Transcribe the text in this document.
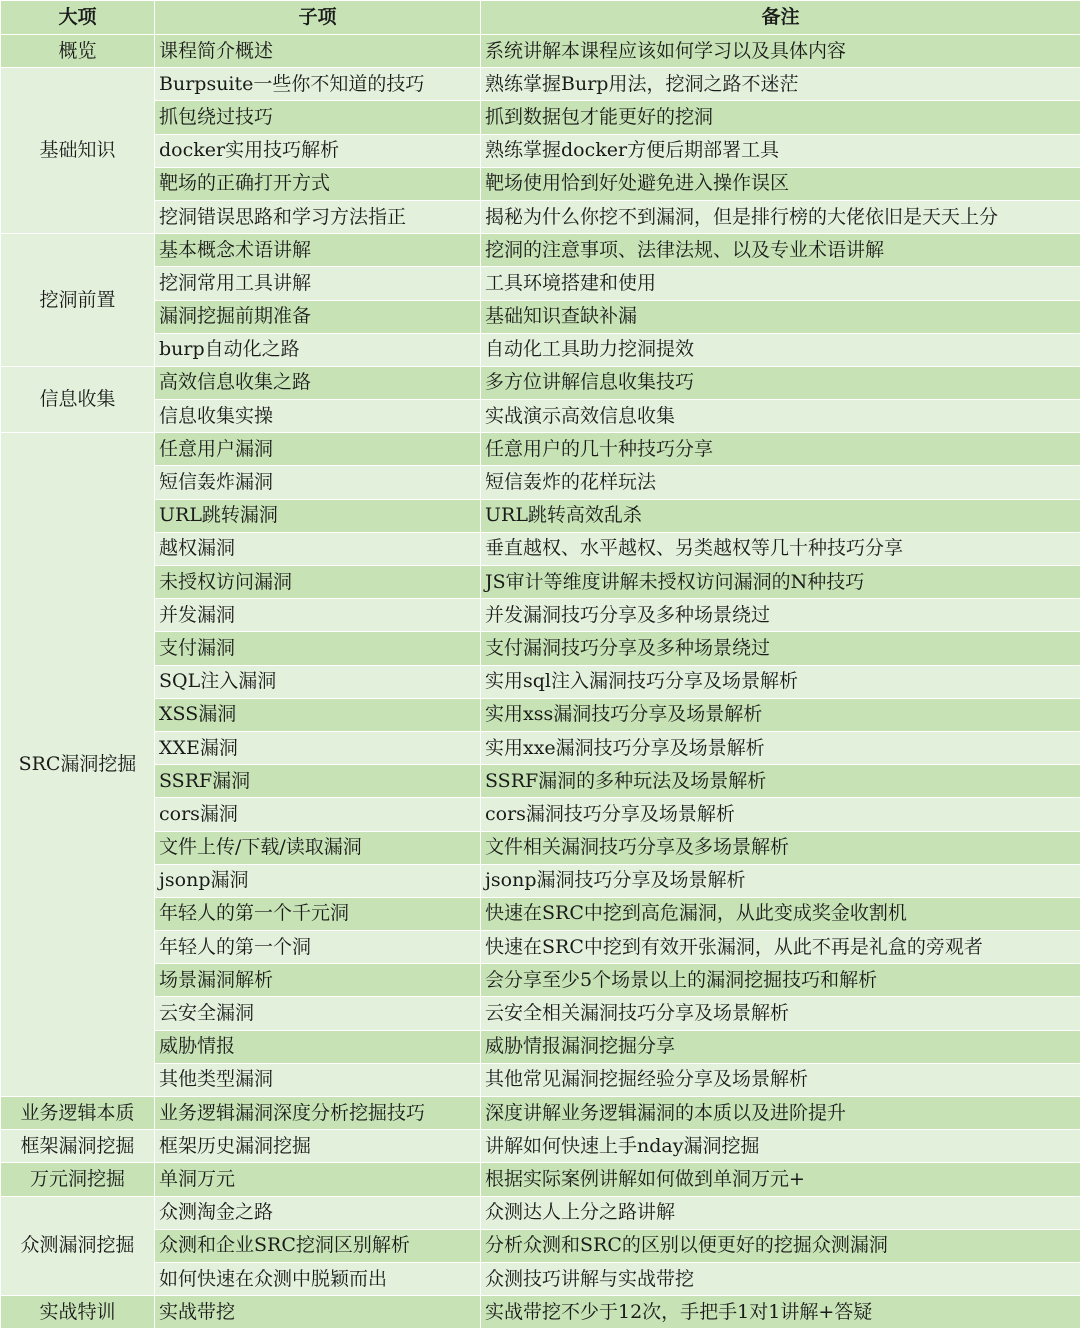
大项	子项	备注
概览	课程简介概述	系统讲解本课程应该如何学习以及具体内容
基础知识	Burpsuite一些你不知道的技巧	熟练掌握Burp用法，挖洞之路不迷茫
	抓包绕过技巧	抓到数据包才能更好的挖洞
	docker实用技巧解析	熟练掌握docker方便后期部署工具
	靶场的正确打开方式	靶场使用恰到好处避免进入操作误区
	挖洞错误思路和学习方法指正	揭秘为什么你挖不到漏洞，但是排行榜的大佬依旧是天天上分
挖洞前置	基本概念术语讲解	挖洞的注意事项、法律法规、以及专业术语讲解
	挖洞常用工具讲解	工具环境搭建和使用
	漏洞挖掘前期准备	基础知识查缺补漏
	burp自动化之路	自动化工具助力挖洞提效
信息收集	高效信息收集之路	多方位讲解信息收集技巧
	信息收集实操	实战演示高效信息收集
SRC漏洞挖掘	任意用户漏洞	任意用户的几十种技巧分享
	短信轰炸漏洞	短信轰炸的花样玩法
	URL跳转漏洞	URL跳转高效乱杀
	越权漏洞	垂直越权、水平越权、另类越权等几十种技巧分享
	未授权访问漏洞	JS审计等维度讲解未授权访问漏洞的N种技巧
	并发漏洞	并发漏洞技巧分享及多种场景绕过
	支付漏洞	支付漏洞技巧分享及多种场景绕过
	SQL注入漏洞	实用sql注入漏洞技巧分享及场景解析
	XSS漏洞	实用xss漏洞技巧分享及场景解析
	XXE漏洞	实用xxe漏洞技巧分享及场景解析
	SSRF漏洞	SSRF漏洞的多种玩法及场景解析
	cors漏洞	cors漏洞技巧分享及场景解析
	文件上传/下载/读取漏洞	文件相关漏洞技巧分享及多场景解析
	jsonp漏洞	jsonp漏洞技巧分享及场景解析
	年轻人的第一个千元洞	快速在SRC中挖到高危漏洞，从此变成奖金收割机
	年轻人的第一个洞	快速在SRC中挖到有效开张漏洞，从此不再是礼盒的旁观者
	场景漏洞解析	会分享至少5个场景以上的漏洞挖掘技巧和解析
	云安全漏洞	云安全相关漏洞技巧分享及场景解析
	威胁情报	威胁情报漏洞挖掘分享
	其他类型漏洞	其他常见漏洞挖掘经验分享及场景解析
业务逻辑本质	业务逻辑漏洞深度分析挖掘技巧	深度讲解业务逻辑漏洞的本质以及进阶提升
框架漏洞挖掘	框架历史漏洞挖掘	讲解如何快速上手nday漏洞挖掘
万元洞挖掘	单洞万元	根据实际案例讲解如何做到单洞万元+
众测漏洞挖掘	众测淘金之路	众测达人上分之路讲解
	众测和企业SRC挖洞区别解析	分析众测和SRC的区别以便更好的挖掘众测漏洞
	如何快速在众测中脱颖而出	众测技巧讲解与实战带挖
实战特训	实战带挖	实战带挖不少于12次，手把手1对1讲解+答疑
